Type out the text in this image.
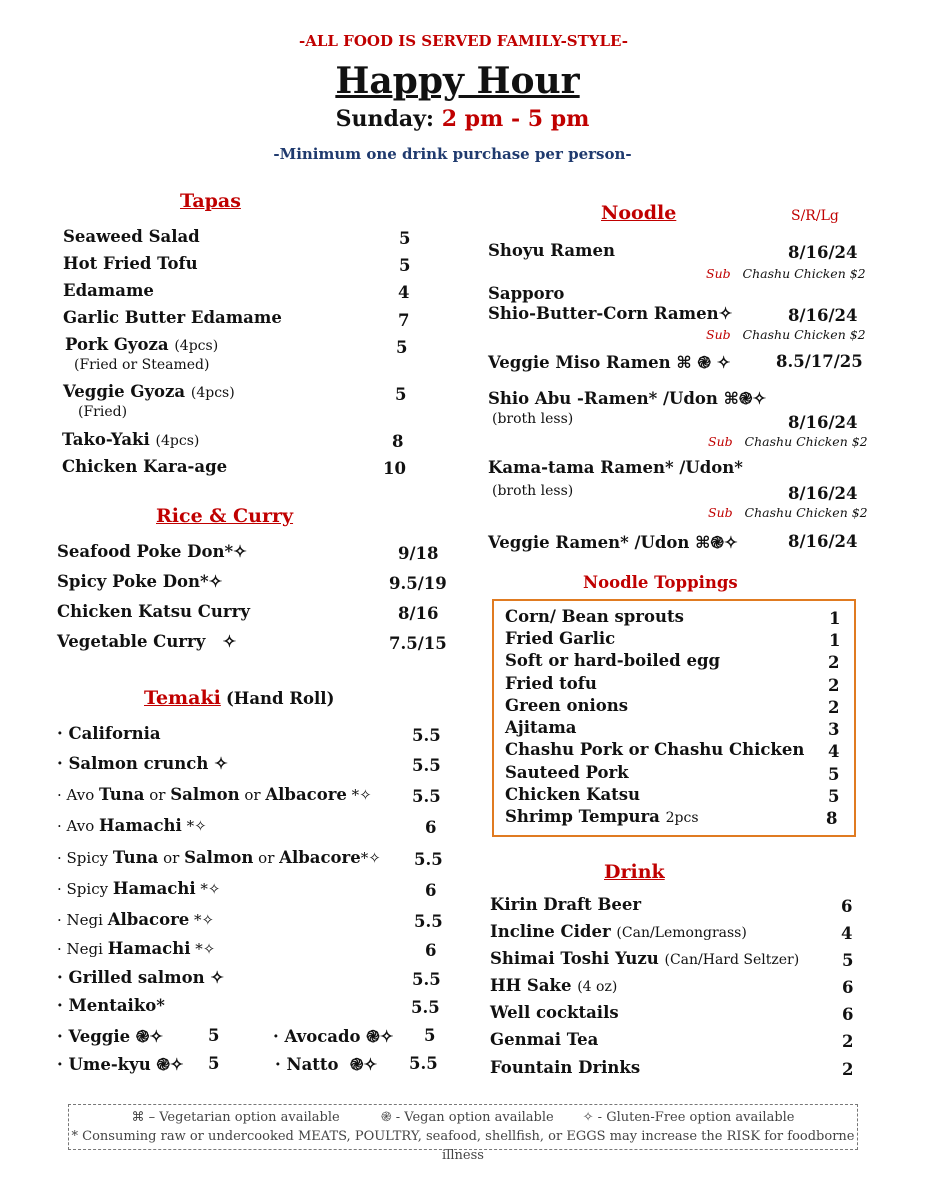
-ALL FOOD IS SERVED FAMILY-STYLE-
Happy Hour
Sunday: 2 pm - 5 pm
-Minimum one drink purchase per person-
Tapas
Seaweed Salad	5
Hot Fried Tofu	5
Edamame	4
Garlic Butter Edamame	7
Pork Gyoza (4pcs)
(Fried or Steamed)
5
Veggie Gyoza (4pcs)
(Fried)
5
Tako-Yaki (4pcs)	8
Chicken Kara-age	10
Rice & Curry
Seafood Poke Don*✧	9/18
Spicy Poke Don*✧	9.5/19
Chicken Katsu Curry	8/16
Vegetable Curry   ✧	7.5/15
Temaki (Hand Roll)
· California	5.5
· Salmon crunch ✧	5.5
· Avo Tuna or Salmon or Albacore *✧ 5.5
· Avo Hamachi *✧	6
· Spicy Tuna or Salmon or Albacore*✧ 5.5
· Spicy Hamachi *✧	6
· Negi Albacore *✧	5.5
· Negi Hamachi *✧	6
· Grilled salmon ✧	5.5
· Mentaiko*	5.5
· Veggie ֎✧	5	· Avocado ֎✧ 5
· Ume-kyu ֎✧ 5	· Natto  ֎✧ 5.5
Noodle	S/R/Lg
Shoyu Ramen	8/16/24
Sub Chashu Chicken $2
Sapporo
Shio-Butter-Corn Ramen✧	8/16/24
Sub Chashu Chicken $2
Veggie Miso Ramen ⌘ ֎ ✧	8.5/17/25
Shio Abu -Ramen* /Udon ⌘֎✧
(broth less)	8/16/24
Sub Chashu Chicken $2
Kama-tama Ramen* /Udon*
(broth less)	8/16/24
Sub Chashu Chicken $2
Veggie Ramen* /Udon ⌘֎✧	8/16/24
Noodle Toppings
Corn/ Bean sprouts	1
Fried Garlic	1
Soft or hard-boiled egg	2
Fried tofu	2
Green onions	2
Ajitama	3
Chashu Pork or Chashu Chicken 4
Sauteed Pork	5
Chicken Katsu	5
Shrimp Tempura 2pcs	8
Drink
Kirin Draft Beer	6
Incline Cider (Can/Lemongrass)	4
Shimai Toshi Yuzu (Can/Hard Seltzer)	5
HH Sake (4 oz)	6
Well cocktails	6
Genmai Tea	2
Fountain Drinks	2
⌘ – Vegetarian option available	֎ - Vegan option available ✧ - Gluten-Free option available
* Consuming raw or undercooked MEATS, POULTRY, seafood, shellfish, or EGGS may increase the RISK for foodborne illness
